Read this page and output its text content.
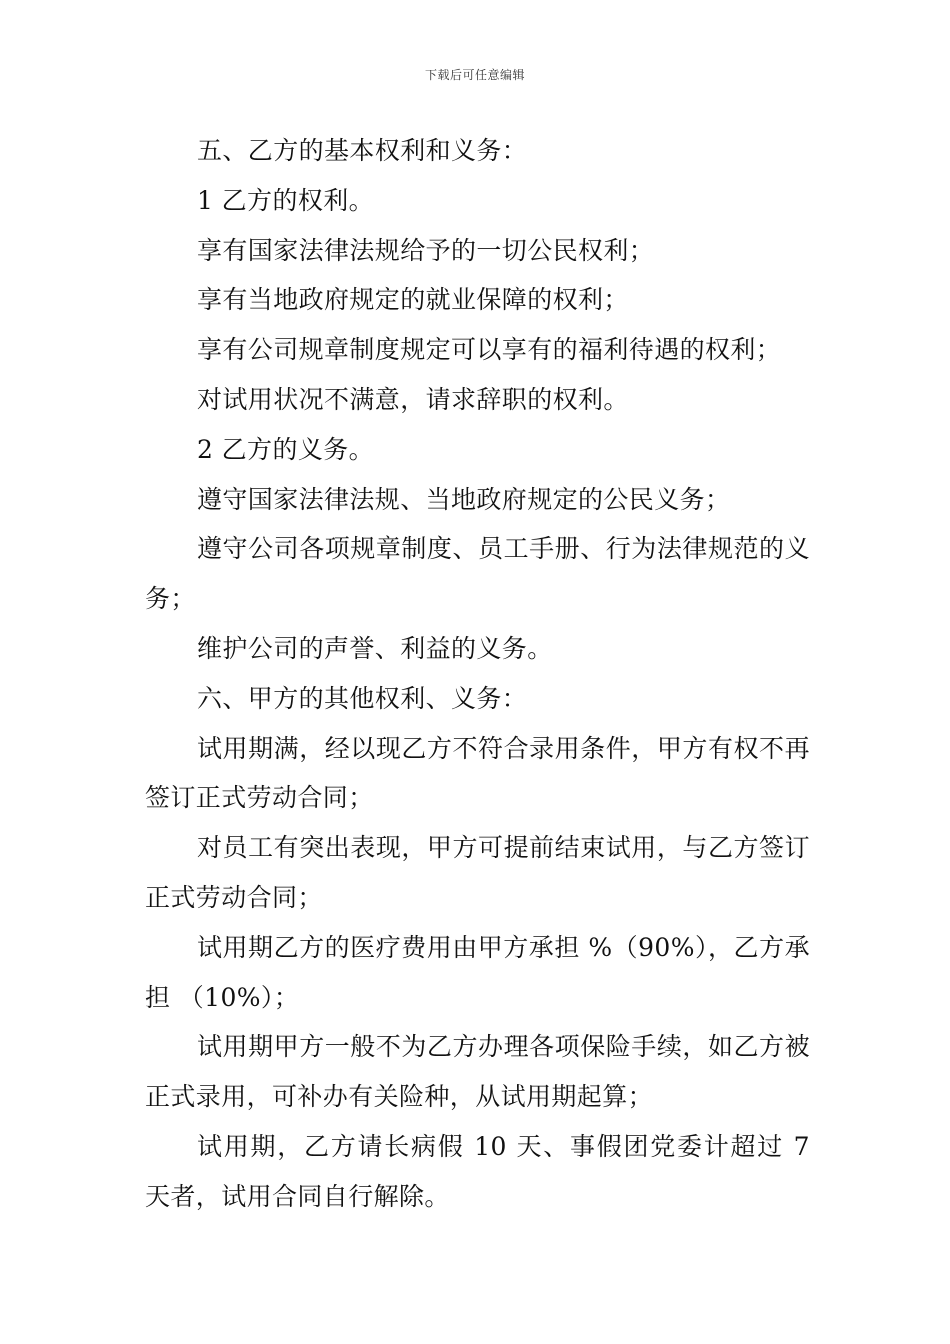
下载后可任意编辑

五、乙方的基本权利和义务：

1 乙方的权利。

享有国家法律法规给予的一切公民权利；

享有当地政府规定的就业保障的权利；

享有公司规章制度规定可以享有的福利待遇的权利；

对试用状况不满意，请求辞职的权利。

2 乙方的义务。

遵守国家法律法规、当地政府规定的公民义务；

遵守公司各项规章制度、员工手册、行为法律规范的义务；

维护公司的声誉、利益的义务。

六、甲方的其他权利、义务：

试用期满，经以现乙方不符合录用条件，甲方有权不再签订正式劳动合同；

对员工有突出表现，甲方可提前结束试用，与乙方签订正式劳动合同；

试用期乙方的医疗费用由甲方承担 %（90%），乙方承担 （10%）；

试用期甲方一般不为乙方办理各项保险手续，如乙方被正式录用，可补办有关险种，从试用期起算；

试用期，乙方请长病假 10 天、事假团党委计超过 7 天者，试用合同自行解除。
